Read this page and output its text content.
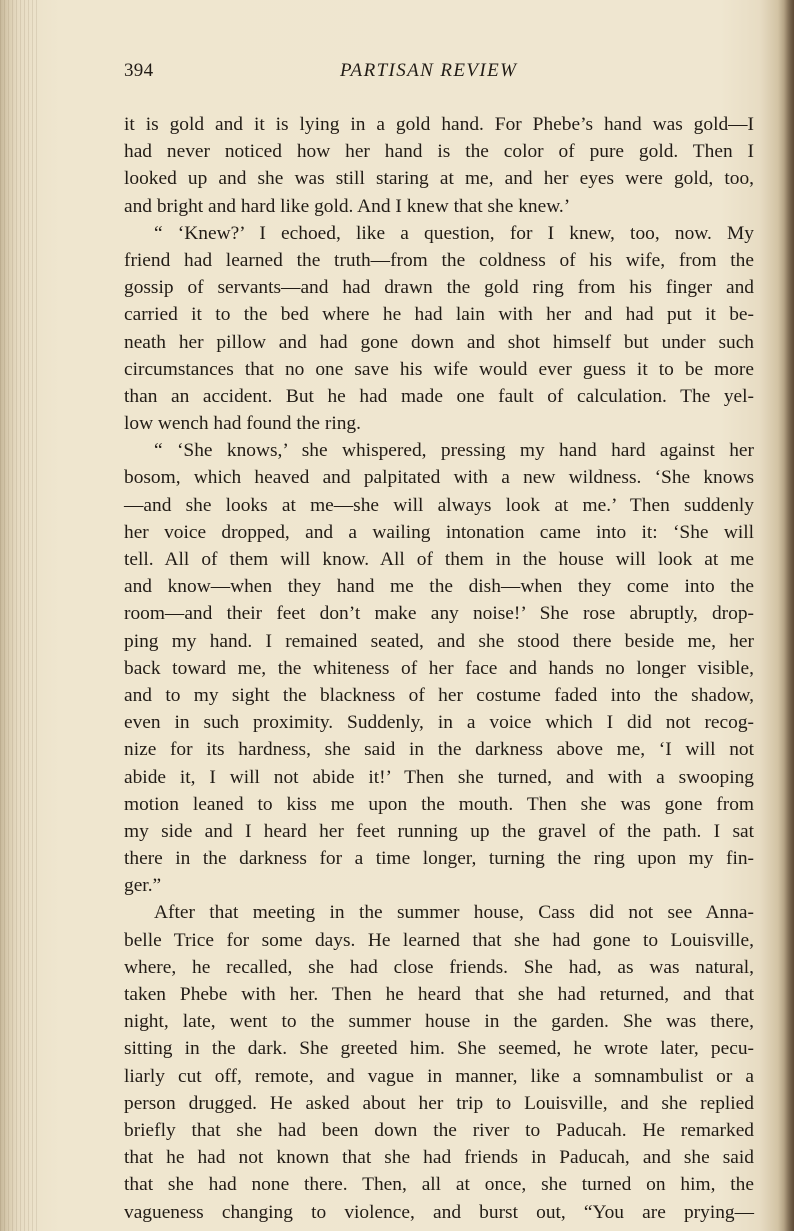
394	PARTISAN REVIEW
it is gold and it is lying in a gold hand. For Phebe’s hand was gold—I
had never noticed how her hand is the color of pure gold. Then I
looked up and she was still staring at me, and her eyes were gold, too,
and bright and hard like gold. And I knew that she knew.’
“ ‘Knew?’ I echoed, like a question, for I knew, too, now. My
friend had learned the truth—from the coldness of his wife, from the
gossip of servants—and had drawn the gold ring from his finger and
carried it to the bed where he had lain with her and had put it be-
neath her pillow and had gone down and shot himself but under such
circumstances that no one save his wife would ever guess it to be more
than an accident. But he had made one fault of calculation. The yel-
low wench had found the ring.
“ ‘She knows,’ she whispered, pressing my hand hard against her
bosom, which heaved and palpitated with a new wildness. ‘She knows
—and she looks at me—she will always look at me.’ Then suddenly
her voice dropped, and a wailing intonation came into it: ‘She will
tell. All of them will know. All of them in the house will look at me
and know—when they hand me the dish—when they come into the
room—and their feet don’t make any noise!’ She rose abruptly, drop-
ping my hand. I remained seated, and she stood there beside me, her
back toward me, the whiteness of her face and hands no longer visible,
and to my sight the blackness of her costume faded into the shadow,
even in such proximity. Suddenly, in a voice which I did not recog-
nize for its hardness, she said in the darkness above me, ‘I will not
abide it, I will not abide it!’ Then she turned, and with a swooping
motion leaned to kiss me upon the mouth. Then she was gone from
my side and I heard her feet running up the gravel of the path. I sat
there in the darkness for a time longer, turning the ring upon my fin-
ger.”
After that meeting in the summer house, Cass did not see Anna-
belle Trice for some days. He learned that she had gone to Louisville,
where, he recalled, she had close friends. She had, as was natural,
taken Phebe with her. Then he heard that she had returned, and that
night, late, went to the summer house in the garden. She was there,
sitting in the dark. She greeted him. She seemed, he wrote later, pecu-
liarly cut off, remote, and vague in manner, like a somnambulist or a
person drugged. He asked about her trip to Louisville, and she replied
briefly that she had been down the river to Paducah. He remarked
that he had not known that she had friends in Paducah, and she said
that she had none there. Then, all at once, she turned on him, the
vagueness changing to violence, and burst out, “You are prying—
